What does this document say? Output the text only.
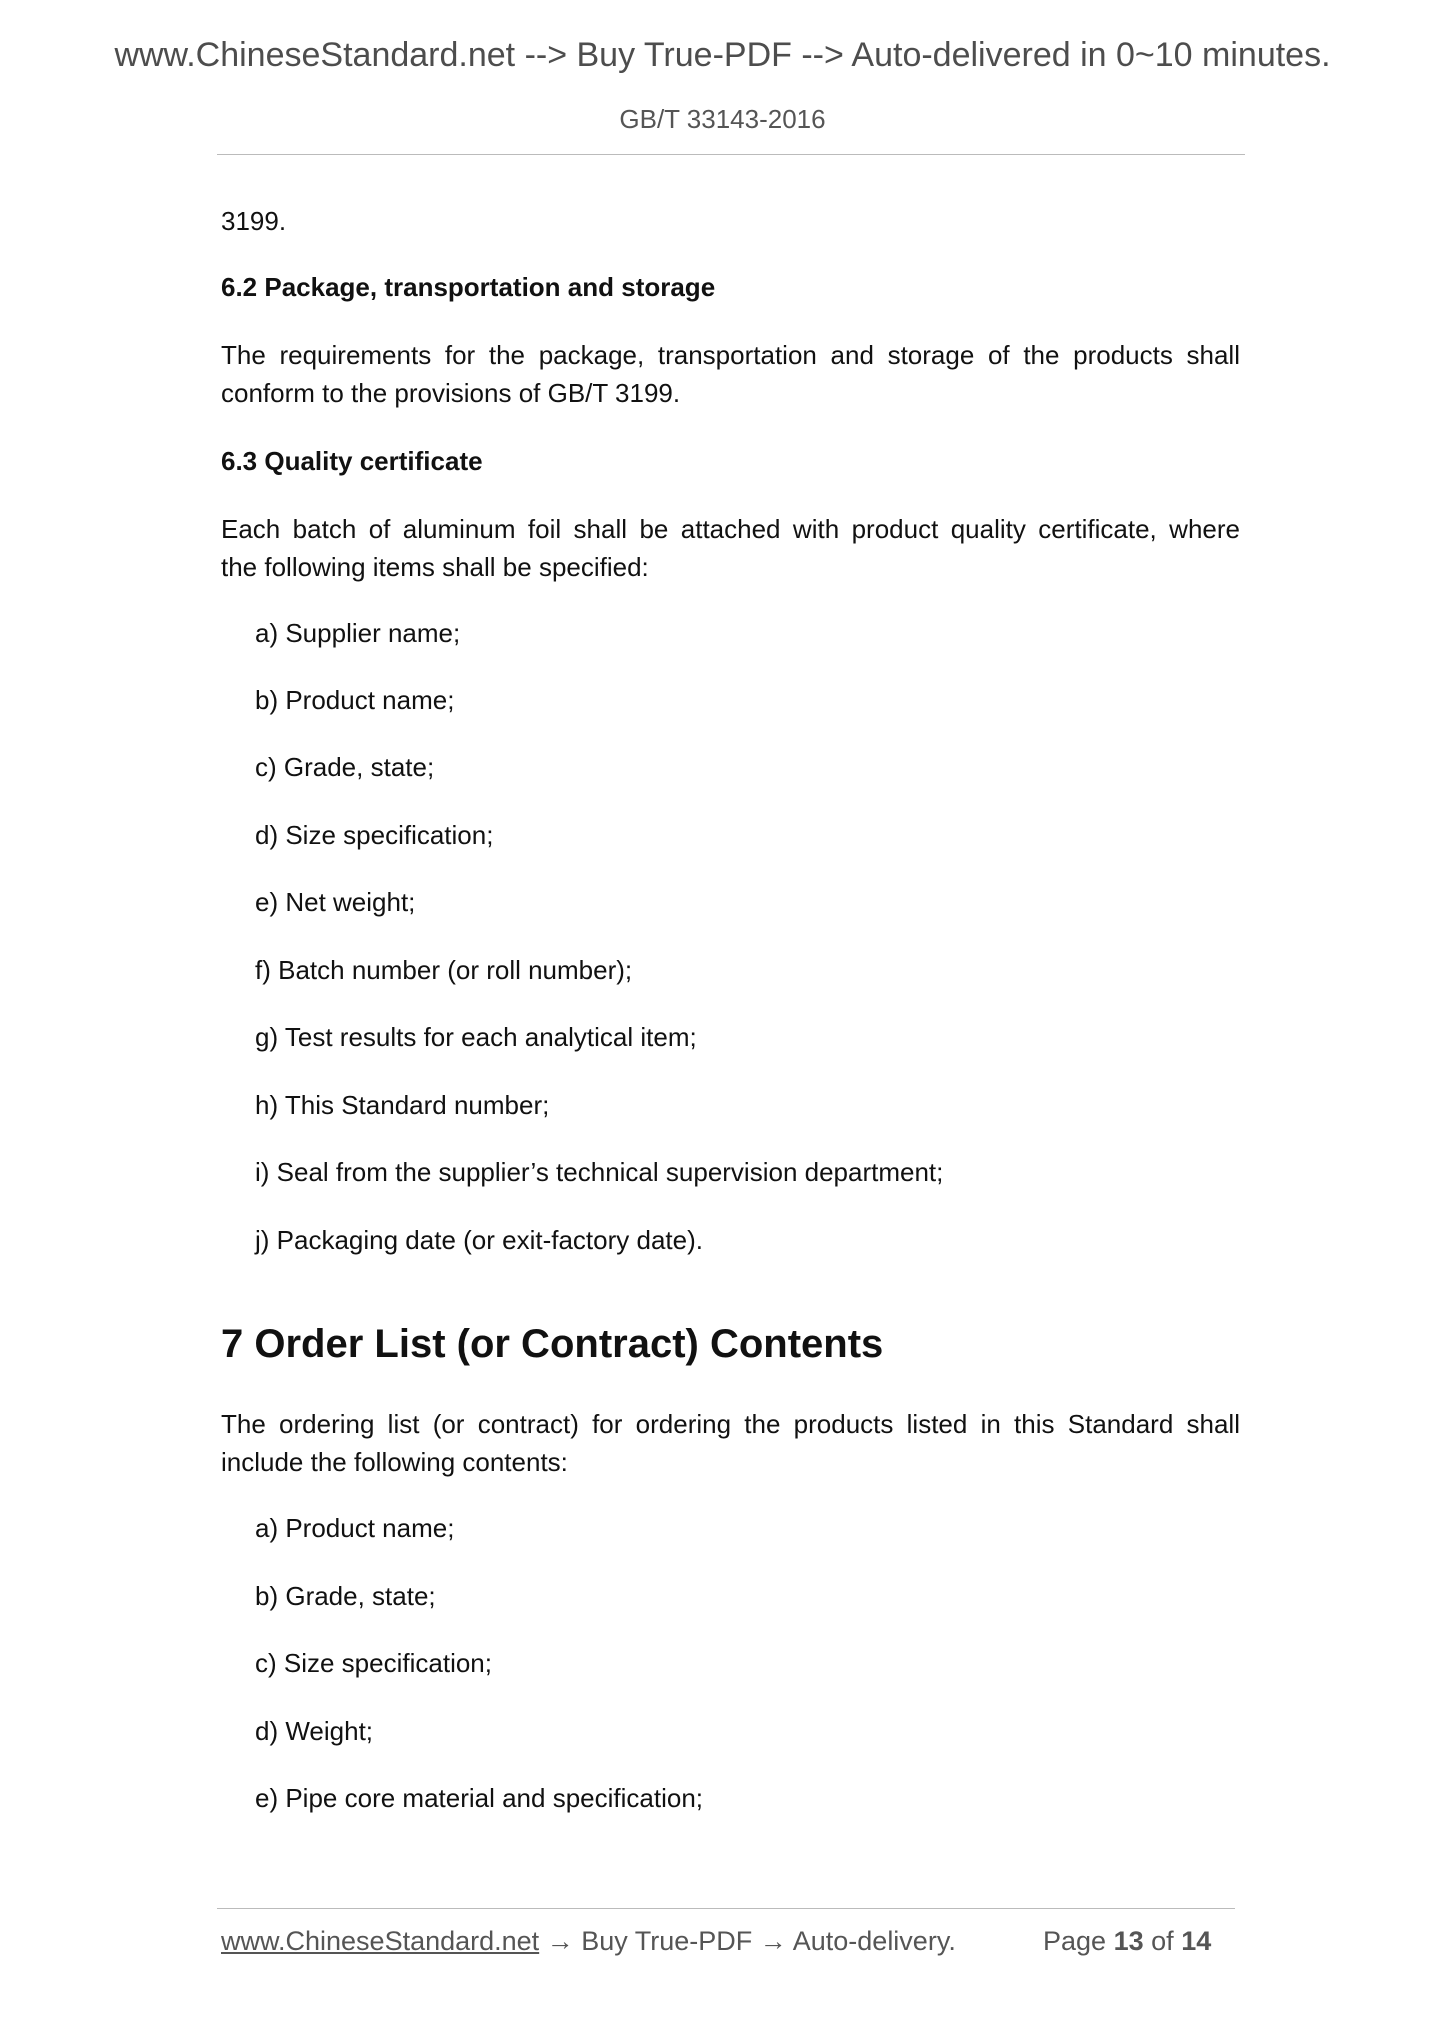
www.ChineseStandard.net --> Buy True-PDF --> Auto-delivered in 0~10 minutes.
GB/T 33143-2016
3199.
6.2 Package, transportation and storage
The requirements for the package, transportation and storage of the products shall
conform to the provisions of GB/T 3199.
6.3 Quality certificate
Each batch of aluminum foil shall be attached with product quality certificate, where
the following items shall be specified:
a) Supplier name;
b) Product name;
c) Grade, state;
d) Size specification;
e) Net weight;
f) Batch number (or roll number);
g) Test results for each analytical item;
h) This Standard number;
i) Seal from the supplier’s technical supervision department;
j) Packaging date (or exit-factory date).
7 Order List (or Contract) Contents
The ordering list (or contract) for ordering the products listed in this Standard shall
include the following contents:
a) Product name;
b) Grade, state;
c) Size specification;
d) Weight;
e) Pipe core material and specification;
www.ChineseStandard.net → Buy True-PDF → Auto-delivery.	Page 13 of 14
